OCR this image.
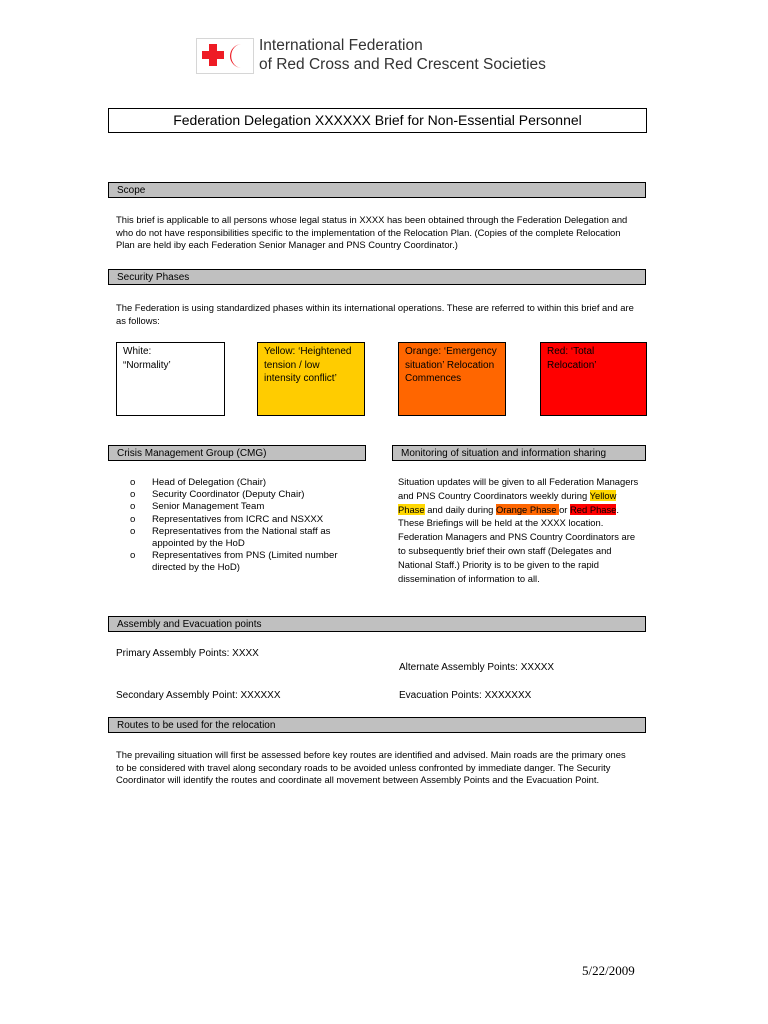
International Federation
of Red Cross and Red Crescent Societies
Federation Delegation XXXXXX Brief for Non-Essential Personnel
Scope
This brief is applicable to all persons whose legal status in XXXX has been obtained through the Federation Delegation and who do not have responsibilities specific to the implementation of the Relocation Plan. (Copies of the complete Relocation Plan are held iby each Federation Senior Manager and PNS Country Coordinator.)
Security Phases
The Federation is using standardized phases within its international operations. These are referred to within this brief and are as follows:
White:
“Normality’
Yellow: ‘Heightened tension / low intensity conflict’
Orange: ‘Emergency situation’ Relocation Commences
Red: ‘Total Relocation’
Crisis Management Group (CMG)
o Head of Delegation (Chair)
o Security Coordinator (Deputy Chair)
o Senior Management Team
o Representatives from ICRC and NSXXX
o Representatives from the National staff as appointed by the HoD
o Representatives from PNS (Limited number directed by the HoD)
Monitoring of situation and information sharing
Situation updates will be given to all Federation Managers and PNS Country Coordinators weekly during Yellow Phase and daily during Orange Phase or Red Phase. These Briefings will be held at the XXXX location. Federation Managers and PNS Country Coordinators are to subsequently brief their own staff (Delegates and National Staff.) Priority is to be given to the rapid dissemination of information to all.
Assembly and Evacuation points
Primary Assembly Points: XXXX
Alternate Assembly Points: XXXXX
Secondary Assembly Point: XXXXXX	Evacuation Points: XXXXXXX
Routes to be used for the relocation
The prevailing situation will first be assessed before key routes are identified and advised. Main roads are the primary ones to be considered with travel along secondary roads to be avoided unless confronted by immediate danger. The Security Coordinator will identify the routes and coordinate all movement between Assembly Points and the Evacuation Point.
5/22/2009
